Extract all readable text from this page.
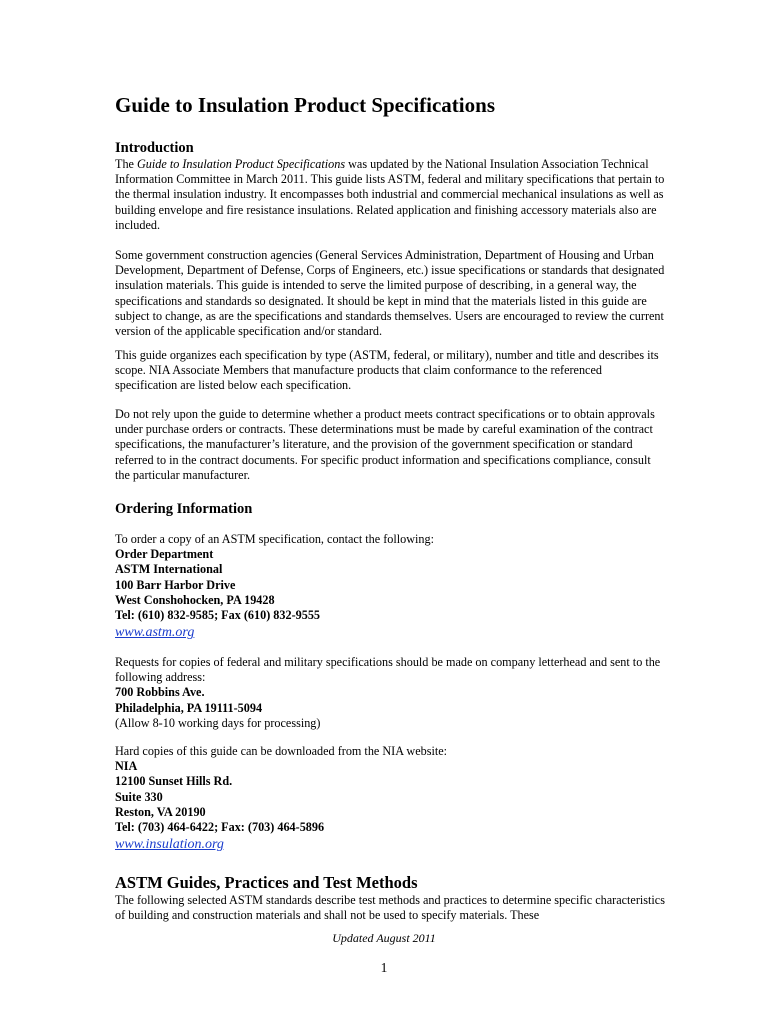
Guide to Insulation Product Specifications
Introduction

The Guide to Insulation Product Specifications was updated by the National Insulation Association Technical Information Committee in March 2011. This guide lists ASTM, federal and military specifications that pertain to the thermal insulation industry. It encompasses both industrial and commercial mechanical insulations as well as building envelope and fire resistance insulations. Related application and finishing accessory materials also are included.

Some government construction agencies (General Services Administration, Department of Housing and Urban Development, Department of Defense, Corps of Engineers, etc.) issue specifications or standards that designated insulation materials. This guide is intended to serve the limited purpose of describing, in a general way, the specifications and standards so designated. It should be kept in mind that the materials listed in this guide are subject to change, as are the specifications and standards themselves. Users are encouraged to review the current version of the applicable specification and/or standard.

This guide organizes each specification by type (ASTM, federal, or military), number and title and describes its scope. NIA Associate Members that manufacture products that claim conformance to the referenced specification are listed below each specification.

Do not rely upon the guide to determine whether a product meets contract specifications or to obtain approvals under purchase orders or contracts. These determinations must be made by careful examination of the contract specifications, the manufacturer’s literature, and the provision of the government specification or standard referred to in the contract documents. For specific product information and specifications compliance, consult the particular manufacturer.

Ordering Information
To order a copy of an ASTM specification, contact the following:
Order Department
ASTM International
100 Barr Harbor Drive
West Conshohocken, PA 19428
Tel: (610) 832-9585; Fax (610) 832-9555
www.astm.org

Requests for copies of federal and military specifications should be made on company letterhead and sent to the following address:

700 Robbins Ave.
Philadelphia, PA 19111-5094
(Allow 8-10 working days for processing)
Hard copies of this guide can be downloaded from the NIA website:
NIA
12100 Sunset Hills Rd.
Suite 330
Reston, VA 20190
Tel: (703) 464-6422; Fax: (703) 464-5896
www.insulation.org
ASTM Guides, Practices and Test Methods

The following selected ASTM standards describe test methods and practices to determine specific characteristics of building and construction materials and shall not be used to specify materials. These

Updated August 2011
1
